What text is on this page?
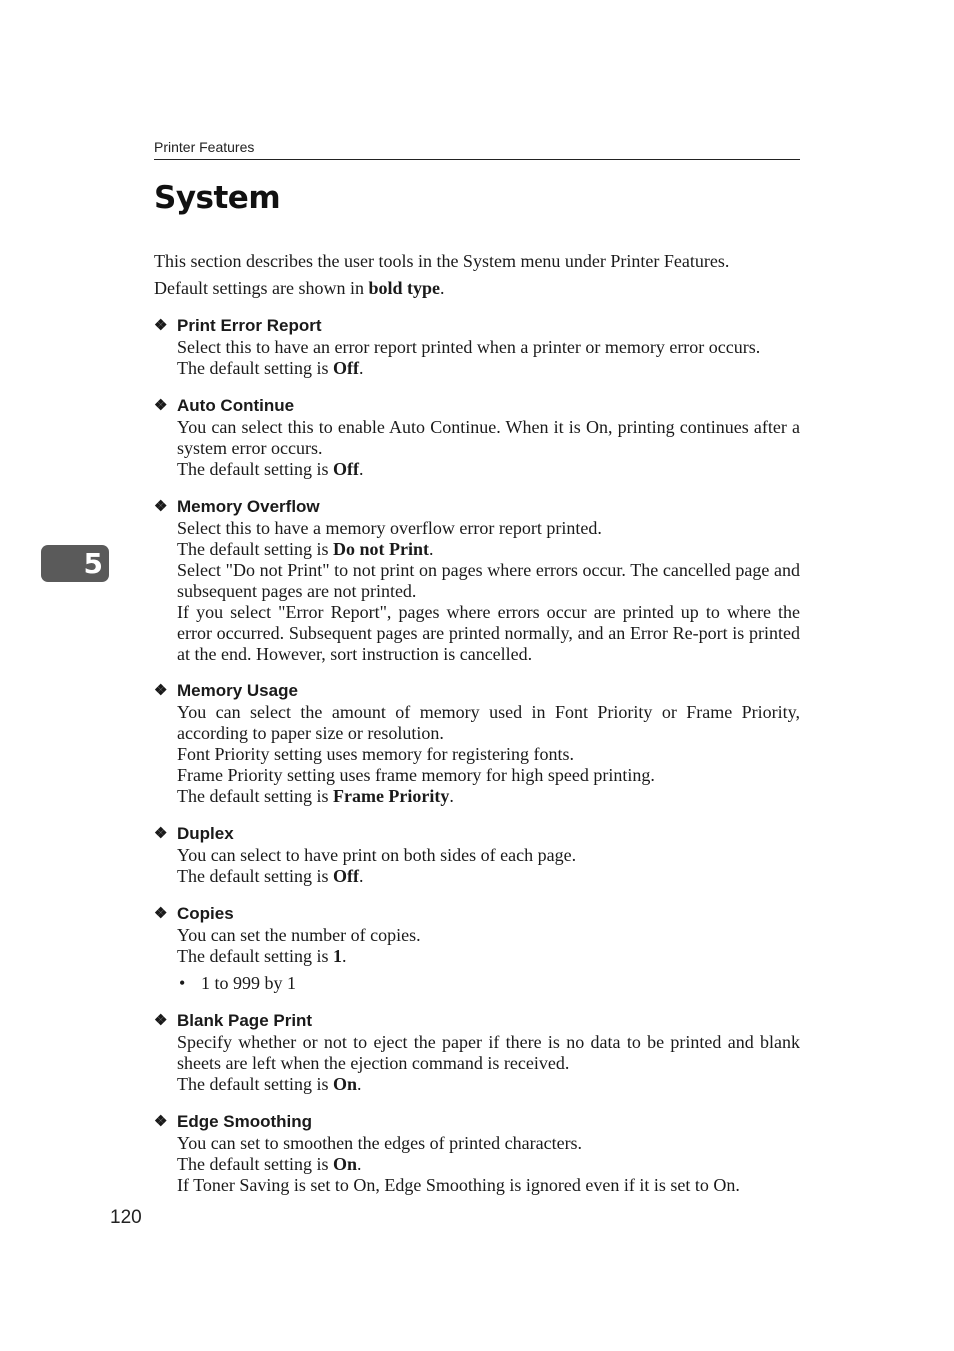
Printer Features
System

This section describes the user tools in the System menu under Printer Features.

Default settings are shown in bold type.

❖ Print Error Report

Select this to have an error report printed when a printer or memory error occurs.

The default setting is Off.

❖ Auto Continue

You can select this to enable Auto Continue. When it is On, printing continues after a system error occurs.

The default setting is Off.

❖ Memory Overflow

Select this to have a memory overflow error report printed.

The default setting is Do not Print.

Select "Do not Print" to not print on pages where errors occur. The cancelled page and subsequent pages are not printed.

If you select "Error Report", pages where errors occur are printed up to where the error occurred. Subsequent pages are printed normally, and an Error Re-port is printed at the end. However, sort instruction is cancelled.

❖ Memory Usage

You can select the amount of memory used in Font Priority or Frame Priority, according to paper size or resolution.

Font Priority setting uses memory for registering fonts.

Frame Priority setting uses frame memory for high speed printing.

The default setting is Frame Priority.

❖ Duplex

You can select to have print on both sides of each page.

The default setting is Off.

❖ Copies

You can set the number of copies.

The default setting is 1.

• 1 to 999 by 1
❖ Blank Page Print

Specify whether or not to eject the paper if there is no data to be printed and blank sheets are left when the ejection command is received.

The default setting is On.

❖ Edge Smoothing

You can set to smoothen the edges of printed characters.

The default setting is On.

If Toner Saving is set to On, Edge Smoothing is ignored even if it is set to On.

5
120
